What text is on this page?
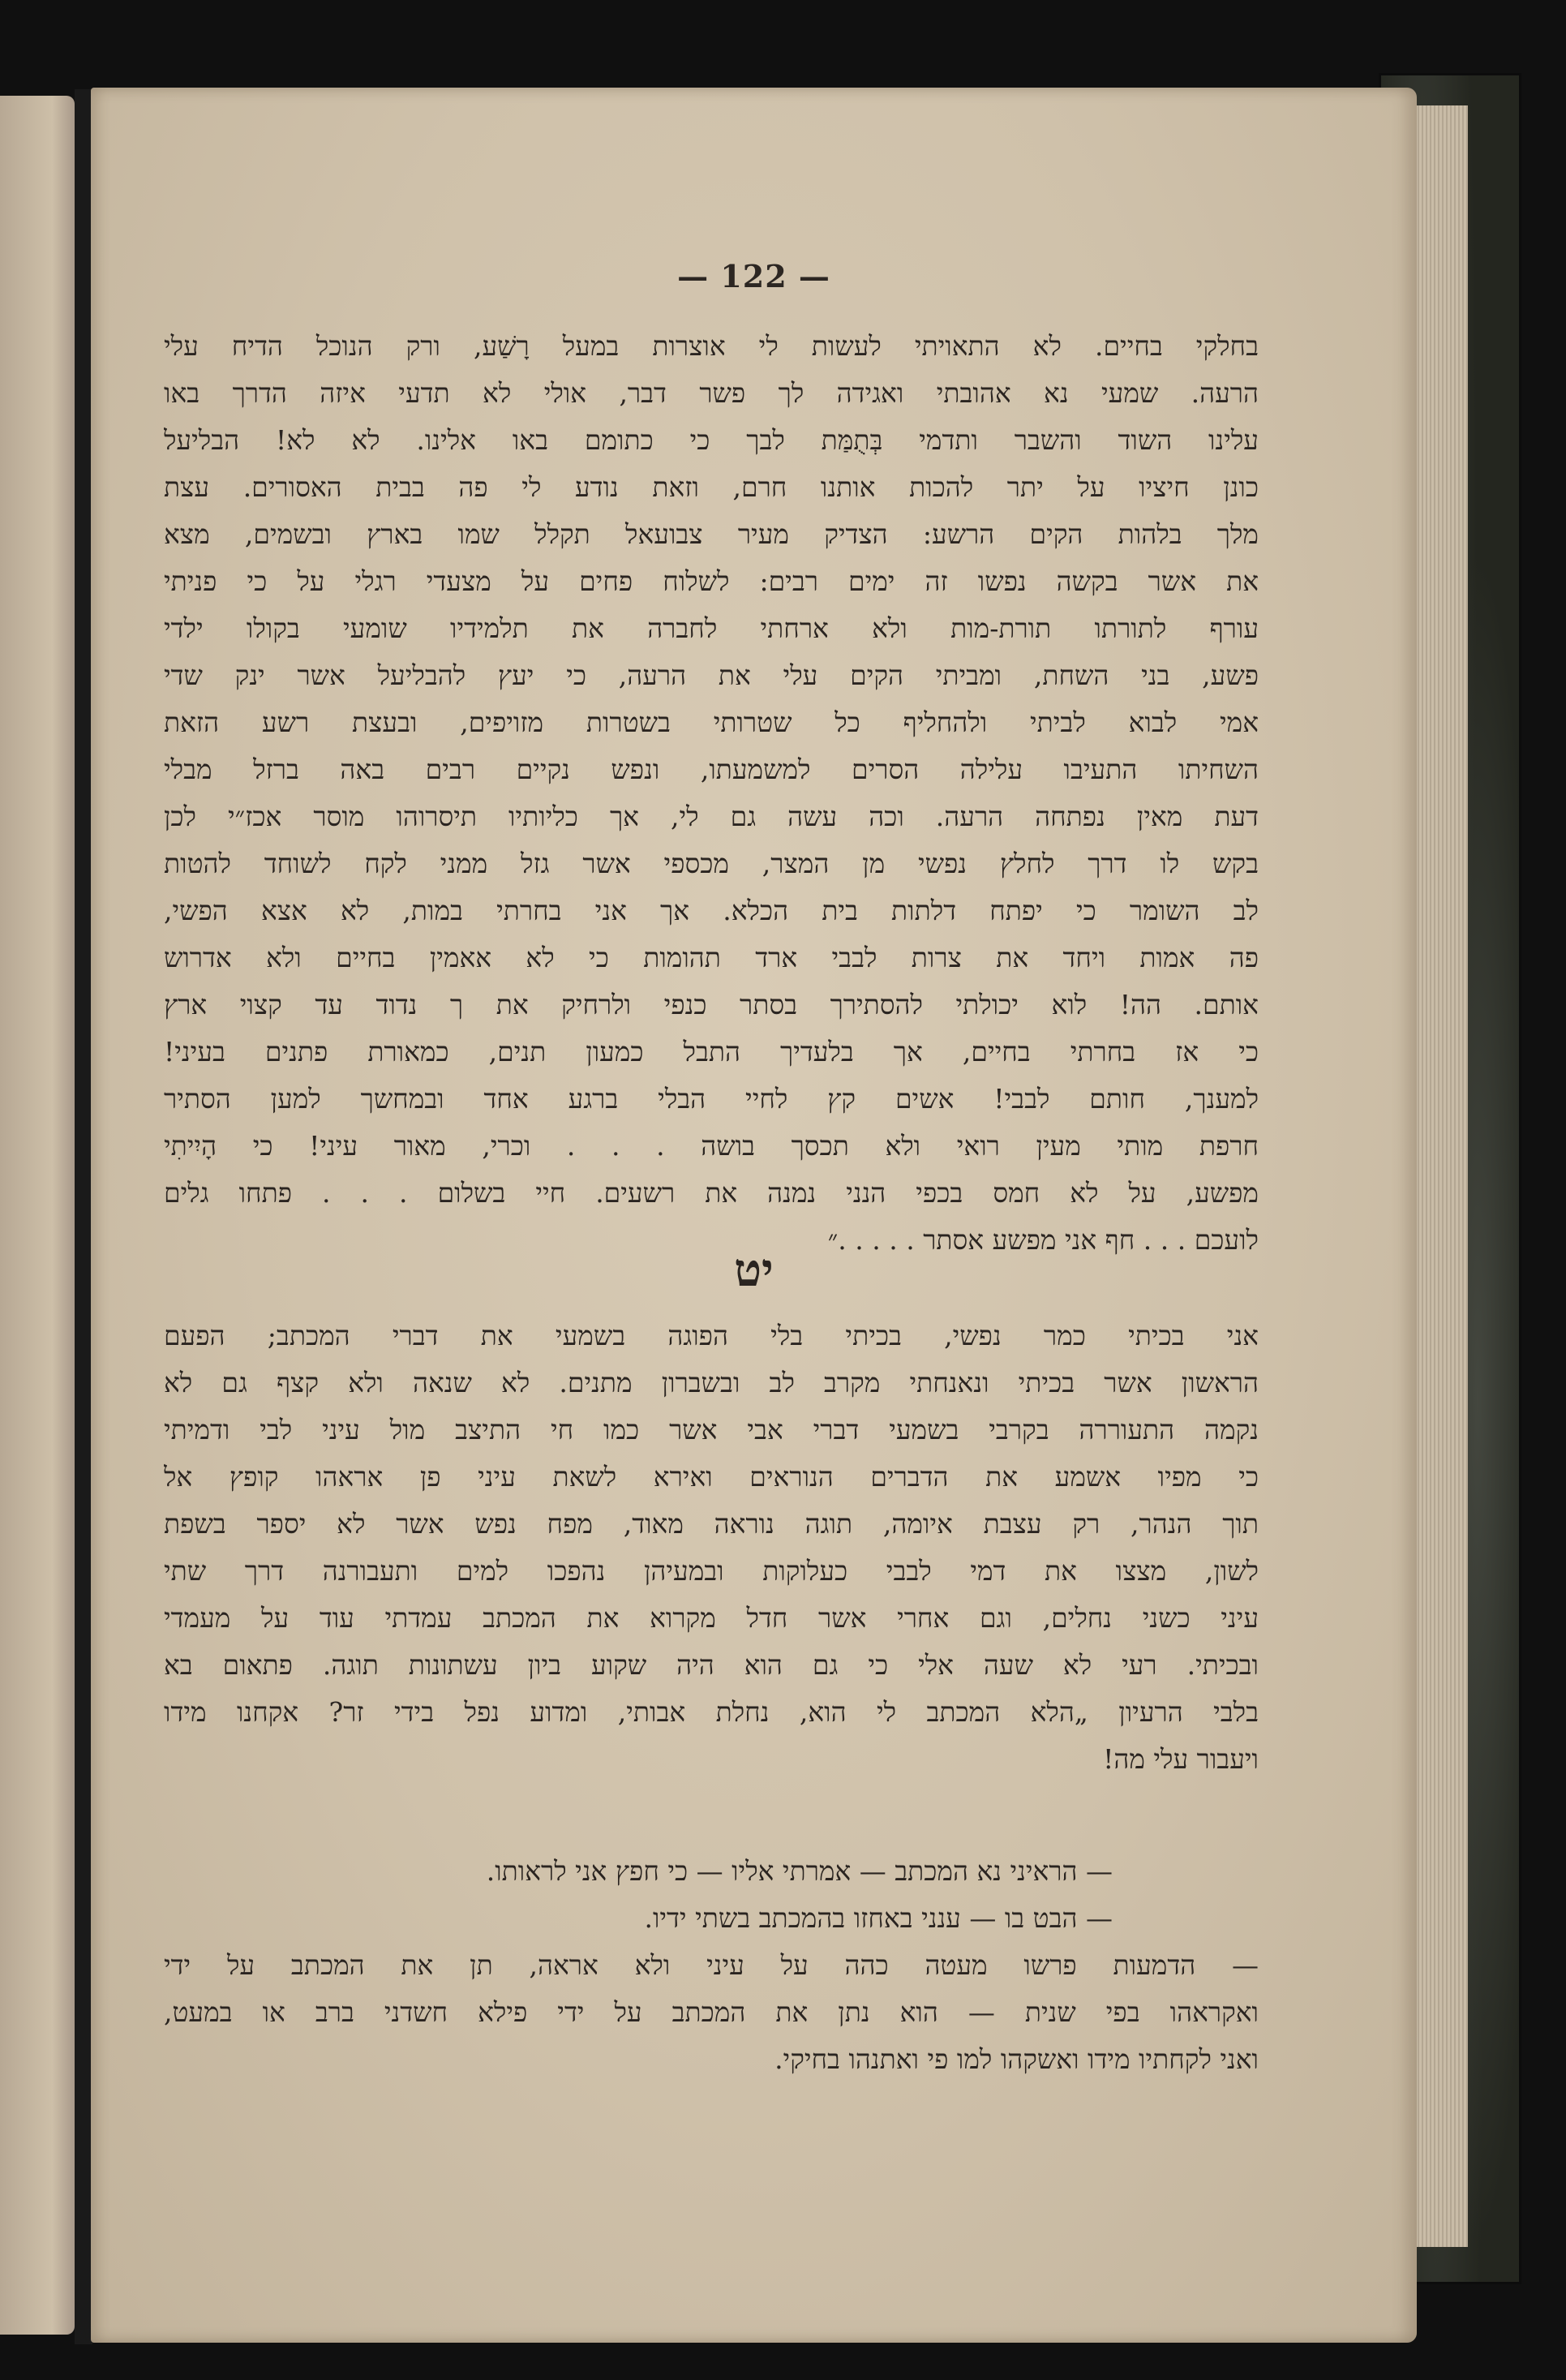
— 122 —

בחלקי בחיים. לא התאויתי לעשות לי אוצרות במעל רָשַׁע, ורק הנוכל הדיח עלי

הרעה. שמעי נא אהובתי ואגידה לך פשר דבר, אולי לא תדעי איזה הדרך באו

עלינו השוד והשבר ותדמי בְּתֻמַּת לבך כי כתומם באו אלינו. לא לא! הבליעל

כונן חיציו על יתר להכות אותנו חרם, וזאת נודע לי פה בבית האסורים. עצת

מלך בלהות הקים הרשע: הצדיק מעיר צבועאל תקלל שמו בארץ ובשמים, מצא

את אשר בקשה נפשו זה ימים רבים: לשלוח פחים על מצעדי רגלי על כי פניתי

עורף לתורתו תורת-מות ולא ארחתי לחברה את תלמידיו שומעי בקולו ילדי

פשע, בני השחת, ומביתי הקים עלי את הרעה, כי יעץ להבליעל אשר ינק שדי

אמי לבוא לביתי ולהחליף כל שטרותי בשטרות מזויפים, ובעצת רשע הזאת

השחיתו התעיבו עלילה הסרים למשמעתו, ונפש נקיים רבים באה ברזל מבלי

דעת מאין נפתחה הרעה. וכה עשה גם לי, אך כליותיו תיסרוהו מוסר אכז״י לכן

בקש לו דרך לחלץ נפשי מן המצר, מכספי אשר גזל ממני לקח לשוחד להטות

לב השומר כי יפתח דלתות בית הכלא. אך אני בחרתי במות, לא אצא הפשי,

פה אמות ויחד את צרות לבבי ארד תהומות כי לא אאמין בחיים ולא אדרוש

אותם. הה! לוא יכולתי להסתירך בסתר כנפי ולרחיק את ך נדוד עד קצוי ארץ

כי אז בחרתי בחיים, אך בלעדיך התבל כמעון תנים, כמאורת פתנים בעיני!

למענך, חותם לבבי! אשים קץ לחיי הבלי ברגע אחד ובמחשך למען הסתיר

חרפת מותי מעין רואי ולא תכסך בושה . . . וכרי, מאור עיני! כי הָיִיתִי

מפשע, על לא חמס בכפי הנני נמנה את רשעים. חיי בשלום . . . פתחו גלים

לועכם . . . חף אני מפשע אסתר . . . . .״

יט

אני בכיתי כמר נפשי, בכיתי בלי הפוגה בשמעי את דברי המכתב; הפעם

הראשון אשר בכיתי ונאנחתי מקרב לב ובשברון מתנים. לא שנאה ולא קצף גם לא

נקמה התעוררה בקרבי בשמעי דברי אבי אשר כמו חי התיצב מול עיני לבי ודמיתי

כי מפיו אשמע את הדברים הנוראים ואירא לשאת עיני פן אראהו קופץ אל

תוך הנהר, רק עצבת איומה, תוגה נוראה מאוד, מפח נפש אשר לא יספר בשפת

לשון, מצצו את דמי לבבי כעלוקות ובמעיהן נהפכו למים ותעבורנה דרך שתי

עיני כשני נחלים, וגם אחרי אשר חדל מקרוא את המכתב עמדתי עוד על מעמדי

ובכיתי. רעי לא שעה אלי כי גם הוא היה שקוע ביון עשתונות תוגה. פתאום בא

בלבי הרעיון „הלא המכתב לי הוא, נחלת אבותי, ומדוע נפל בידי זר? אקחנו מידו

ויעבור עלי מה!

— הראיני נא המכתב — אמרתי אליו — כי חפץ אני לראותו.

— הבט בו — ענני באחזו בהמכתב בשתי ידיו.

— הדמעות פרשו מעטה כהה על עיני ולא אראה, תן את המכתב על ידי

ואקראהו בפי שנית — הוא נתן את המכתב על ידי פילא חשדני ברב או במעט,

ואני לקחתיו מידו ואשקהו למו פי ואתנהו בחיקי.
